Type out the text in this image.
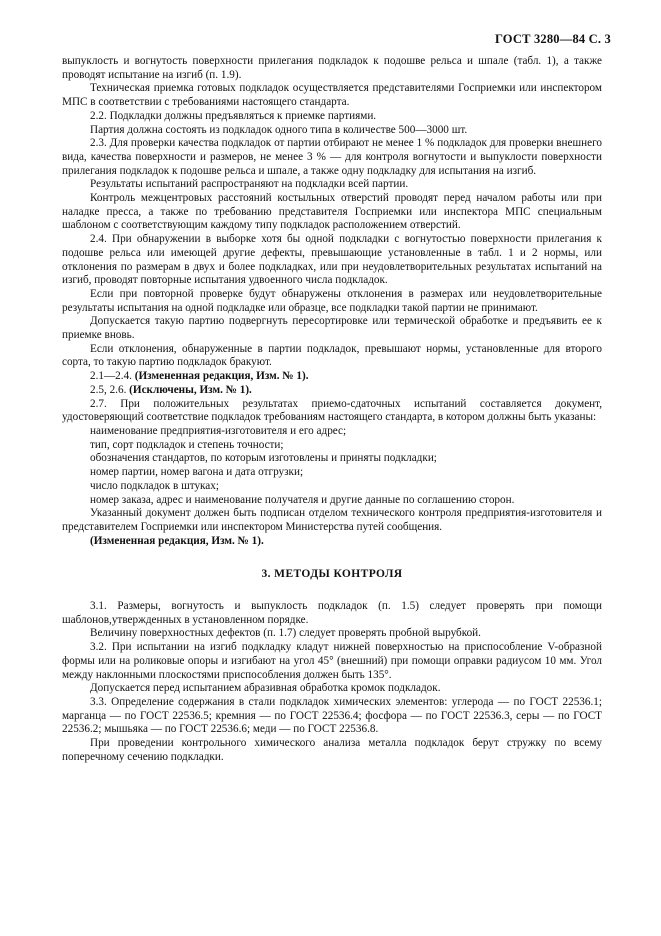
ГОСТ 3280—84 С. 3

выпуклость и вогнутость поверхности прилегания подкладок к подошве рельса и шпале (табл. 1), а также проводят испытание на изгиб (п. 1.9).

Техническая приемка готовых подкладок осуществляется представителями Госприемки или инспектором МПС в соответствии с требованиями настоящего стандарта.

2.2. Подкладки должны предъявляться к приемке партиями.

Партия должна состоять из подкладок одного типа в количестве 500—3000 шт.

2.3. Для проверки качества подкладок от партии отбирают не менее 1 % подкладок для проверки внешнего вида, качества поверхности и размеров, не менее 3 % — для контроля вогнутости и выпуклости поверхности прилегания подкладок к подошве рельса и шпале, а также одну подкладку для испытания на изгиб.

Результаты испытаний распространяют на подкладки всей партии.

Контроль межцентровых расстояний костыльных отверстий проводят перед началом работы или при наладке пресса, а также по требованию представителя Госприемки или инспектора МПС специальным шаблоном с соответствующим каждому типу подкладок расположением отверстий.

2.4. При обнаружении в выборке хотя бы одной подкладки с вогнутостью поверхности прилегания к подошве рельса или имеющей другие дефекты, превышающие установленные в табл. 1 и 2 нормы, или отклонения по размерам в двух и более подкладках, или при неудовлетворительных результатах испытаний на изгиб, проводят повторные испытания удвоенного числа подкладок.

Если при повторной проверке будут обнаружены отклонения в размерах или неудовлетворительные результаты испытания на одной подкладке или образце, все подкладки такой партии не принимают.

Допускается такую партию подвергнуть пересортировке или термической обработке и предъявить ее к приемке вновь.

Если отклонения, обнаруженные в партии подкладок, превышают нормы, установленные для второго сорта, то такую партию подкладок бракуют.

2.1—2.4. (Измененная редакция, Изм. № 1).

2.5, 2.6. (Исключены, Изм. № 1).

2.7. При положительных результатах приемо-сдаточных испытаний составляется документ, удостоверяющий соответствие подкладок требованиям настоящего стандарта, в котором должны быть указаны:

наименование предприятия-изготовителя и его адрес;

тип, сорт подкладок и степень точности;

обозначения стандартов, по которым изготовлены и приняты подкладки;

номер партии, номер вагона и дата отгрузки;

число подкладок в штуках;

номер заказа, адрес и наименование получателя и другие данные по соглашению сторон.

Указанный документ должен быть подписан отделом технического контроля предприятия-изготовителя и представителем Госприемки или инспектором Министерства путей сообщения.

(Измененная редакция, Изм. № 1).

3. МЕТОДЫ КОНТРОЛЯ

3.1. Размеры, вогнутость и выпуклость подкладок (п. 1.5) следует проверять при помощи шаблонов,утвержденных в установленном порядке.

Величину поверхностных дефектов (п. 1.7) следует проверять пробной вырубкой.

3.2. При испытании на изгиб подкладку кладут нижней поверхностью на приспособление V-образной формы или на роликовые опоры и изгибают на угол 45° (внешний) при помощи оправки радиусом 10 мм. Угол между наклонными плоскостями приспособления должен быть 135°.

Допускается перед испытанием абразивная обработка кромок подкладок.

3.3. Определение содержания в стали подкладок химических элементов: углерода — по ГОСТ 22536.1; марганца — по ГОСТ 22536.5; кремния — по ГОСТ 22536.4; фосфора — по ГОСТ 22536.3, серы — по ГОСТ 22536.2; мышьяка — по ГОСТ 22536.6; меди — по ГОСТ 22536.8.

При проведении контрольного химического анализа металла подкладок берут стружку по всему поперечному сечению подкладки.
